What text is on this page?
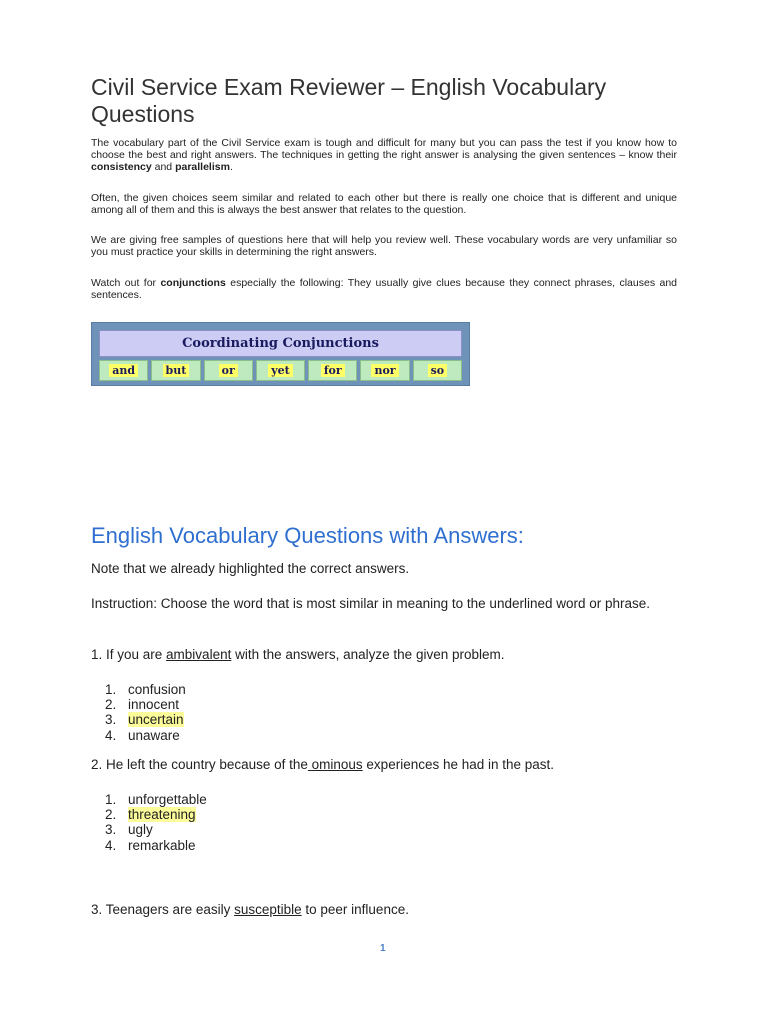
Civil Service Exam Reviewer – English Vocabulary Questions

The vocabulary part of the Civil Service exam is tough and difficult for many but you can pass the test if you know how to choose the best and right answers. The techniques in getting the right answer is analysing the given sentences – know their consistency and parallelism.

Often, the given choices seem similar and related to each other but there is really one choice that is different and unique among all of them and this is always the best answer that relates to the question.

We are giving free samples of questions here that will help you review well. These vocabulary words are very unfamiliar so you must practice your skills in determining the right answers.

Watch out for conjunctions especially the following: They usually give clues because they connect phrases, clauses and sentences.

Coordinating Conjunctions
and	but	or	yet	for	nor	so
English Vocabulary Questions with Answers:

Note that we already highlighted the correct answers.

Instruction: Choose the word that is most similar in meaning to the underlined word or phrase.

1. If you are ambivalent with the answers, analyze the given problem.

1. confusion
2. innocent
3. uncertain
4. unaware

2. He left the country because of the ominous experiences he had in the past.

1. unforgettable
2. threatening
3. ugly
4. remarkable

3. Teenagers are easily susceptible to peer influence.

1
